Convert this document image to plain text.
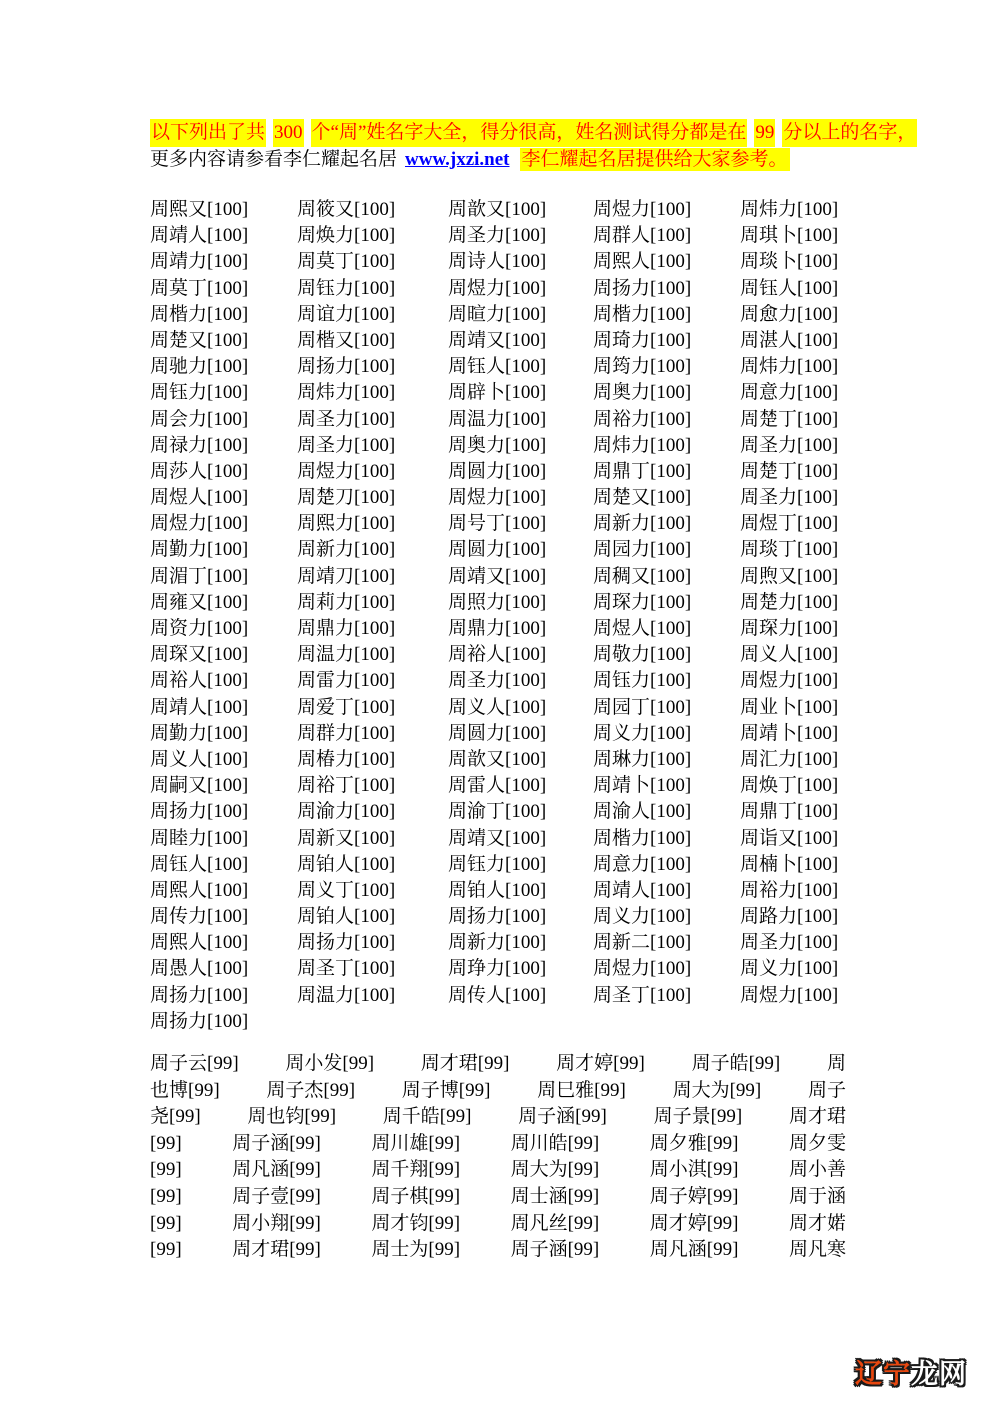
以下列出了共 300 个“周”姓名字大全，得分很高，姓名测试得分都是在 99 分以上的名字，
更多内容请参看李仁耀起名居 www.jxzi.net 李仁耀起名居提供给大家参考。
周熙又[100]	周筱又[100]	周歆又[100]	周煜力[100]	周炜力[100]
周靖人[100]	周焕力[100]	周圣力[100]	周群人[100]	周琪卜[100]
周靖力[100]	周莫丁[100]	周诗人[100]	周熙人[100]	周琰卜[100]
周莫丁[100]	周钰力[100]	周煜力[100]	周扬力[100]	周钰人[100]
周楷力[100]	周谊力[100]	周暄力[100]	周楷力[100]	周愈力[100]
周楚又[100]	周楷又[100]	周靖又[100]	周琦力[100]	周湛人[100]
周驰力[100]	周扬力[100]	周钰人[100]	周筠力[100]	周炜力[100]
周钰力[100]	周炜力[100]	周辟卜[100]	周奥力[100]	周意力[100]
周会力[100]	周圣力[100]	周温力[100]	周裕力[100]	周楚丁[100]
周禄力[100]	周圣力[100]	周奥力[100]	周炜力[100]	周圣力[100]
周莎人[100]	周煜力[100]	周圆力[100]	周鼎丁[100]	周楚丁[100]
周煜人[100]	周楚刀[100]	周煜力[100]	周楚又[100]	周圣力[100]
周煜力[100]	周熙力[100]	周号丁[100]	周新力[100]	周煜丁[100]
周勤力[100]	周新力[100]	周圆力[100]	周园力[100]	周琰丁[100]
周湄丁[100]	周靖刀[100]	周靖又[100]	周稠又[100]	周煦又[100]
周雍又[100]	周莉力[100]	周照力[100]	周琛力[100]	周楚力[100]
周资力[100]	周鼎力[100]	周鼎力[100]	周煜人[100]	周琛力[100]
周琛又[100]	周温力[100]	周裕人[100]	周敬力[100]	周义人[100]
周裕人[100]	周雷力[100]	周圣力[100]	周钰力[100]	周煜力[100]
周靖人[100]	周爱丁[100]	周义人[100]	周园丁[100]	周业卜[100]
周勤力[100]	周群力[100]	周圆力[100]	周义力[100]	周靖卜[100]
周义人[100]	周椿力[100]	周歆又[100]	周琳力[100]	周汇力[100]
周嗣又[100]	周裕丁[100]	周雷人[100]	周靖卜[100]	周焕丁[100]
周扬力[100]	周渝力[100]	周渝丁[100]	周渝人[100]	周鼎丁[100]
周睦力[100]	周新又[100]	周靖又[100]	周楷力[100]	周诣又[100]
周钰人[100]	周铂人[100]	周钰力[100]	周意力[100]	周楠卜[100]
周熙人[100]	周义丁[100]	周铂人[100]	周靖人[100]	周裕力[100]
周传力[100]	周铂人[100]	周扬力[100]	周义力[100]	周路力[100]
周熙人[100]	周扬力[100]	周新力[100]	周新二[100]	周圣力[100]
周愚人[100]	周圣丁[100]	周琤力[100]	周煜力[100]	周义力[100]
周扬力[100]	周温力[100]	周传人[100]	周圣丁[100]	周煜力[100]
周扬力[100]
周子云[99] 周小发[99] 周才珺[99] 周才婷[99] 周子皓[99] 周
也博[99] 周子杰[99] 周子博[99] 周巳雅[99] 周大为[99] 周子
尧[99] 周也钧[99] 周千皓[99] 周子涵[99] 周子景[99] 周才珺
[99]	周子涵[99]	周川雄[99]	周川皓[99]	周夕雅[99]	周夕雯
[99]	周凡涵[99]	周千翔[99]	周大为[99]	周小淇[99]	周小善
[99]	周子壹[99]	周子棋[99]	周士涵[99]	周子婷[99]	周于涵
[99]	周小翔[99]	周才钧[99]	周凡丝[99]	周才婷[99]	周才婼
[99]	周才珺[99]	周士为[99]	周子涵[99]	周凡涵[99]	周凡寒
辽宁龙网
